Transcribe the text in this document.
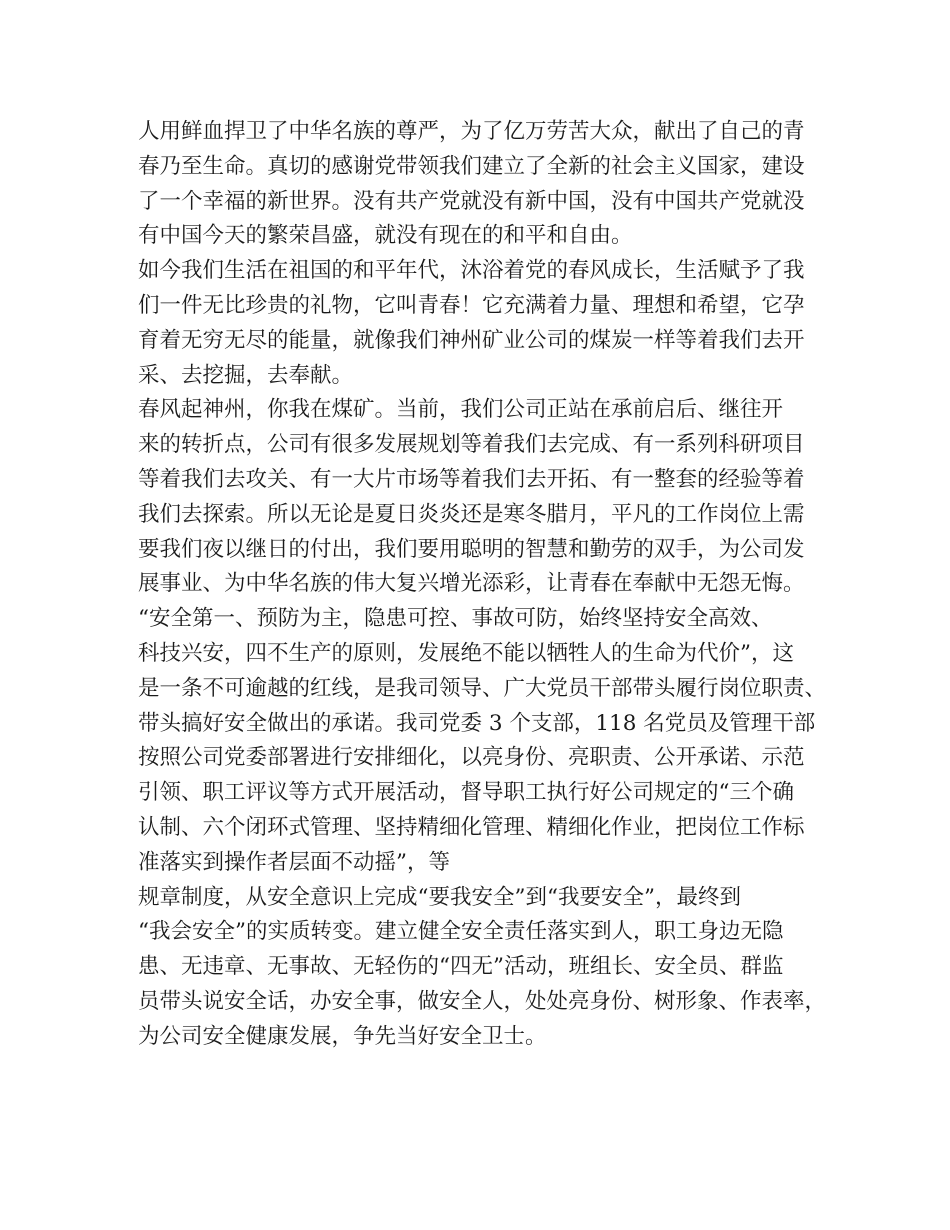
人用鲜血捍卫了中华名族的尊严，为了亿万劳苦大众，献出了自己的青
春乃至生命。真切的感谢党带领我们建立了全新的社会主义国家，建设
了一个幸福的新世界。没有共产党就没有新中国，没有中国共产党就没
有中国今天的繁荣昌盛，就没有现在的和平和自由。
如今我们生活在祖国的和平年代，沐浴着党的春风成长，生活赋予了我
们一件无比珍贵的礼物，它叫青春！它充满着力量、理想和希望，它孕
育着无穷无尽的能量，就像我们神州矿业公司的煤炭一样等着我们去开
采、去挖掘，去奉献。
春风起神州，你我在煤矿。当前，我们公司正站在承前启后、继往开
来的转折点，公司有很多发展规划等着我们去完成、有一系列科研项目
等着我们去攻关、有一大片市场等着我们去开拓、有一整套的经验等着
我们去探索。所以无论是夏日炎炎还是寒冬腊月，平凡的工作岗位上需
要我们夜以继日的付出，我们要用聪明的智慧和勤劳的双手，为公司发
展事业、为中华名族的伟大复兴增光添彩，让青春在奉献中无怨无悔。
“安全第一、预防为主，隐患可控、事故可防，始终坚持安全高效、
科技兴安，四不生产的原则，发展绝不能以牺牲人的生命为代价”，这
是一条不可逾越的红线，是我司领导、广大党员干部带头履行岗位职责、
带头搞好安全做出的承诺。我司党委 3 个支部，118 名党员及管理干部
按照公司党委部署进行安排细化，以亮身份、亮职责、公开承诺、示范
引领、职工评议等方式开展活动，督导职工执行好公司规定的“三个确
认制、六个闭环式管理、坚持精细化管理、精细化作业，把岗位工作标
准落实到操作者层面不动摇”，等
规章制度，从安全意识上完成“要我安全”到“我要安全”，最终到
“我会安全”的实质转变。建立健全安全责任落实到人，职工身边无隐
患、无违章、无事故、无轻伤的“四无”活动，班组长、安全员、群监
员带头说安全话，办安全事，做安全人，处处亮身份、树形象、作表率，
为公司安全健康发展，争先当好安全卫士。
